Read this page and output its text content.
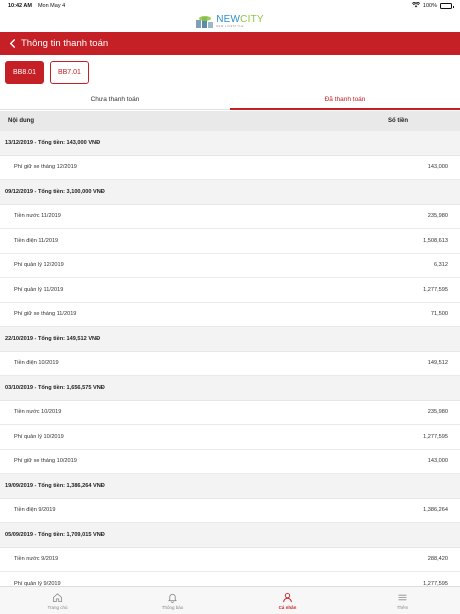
10:42 AM Mon May 4	100%
NEWCITY
NEW LIFESTYLE
Thông tin thanh toán
BB8.01	BB7.01
Chưa thanh toán	Đã thanh toán
Nội dung	Số tiền
13/12/2019 - Tổng tiền: 143,000 VNĐ
Phí giữ xe tháng 12/2019	143,000
09/12/2019 - Tổng tiền: 3,100,000 VNĐ
Tiền nước 11/2019	235,980
Tiền điện 11/2019	1,508,613
Phí quản lý 12/2019	6,312
Phí quản lý 11/2019	1,277,595
Phí giữ xe tháng 11/2019	71,500
22/10/2019 - Tổng tiền: 149,512 VNĐ
Tiền điện 10/2019	149,512
03/10/2019 - Tổng tiền: 1,656,575 VNĐ
Tiền nước 10/2019	235,980
Phí quản lý 10/2019	1,277,595
Phí giữ xe tháng 10/2019	143,000
19/09/2019 - Tổng tiền: 1,386,264 VNĐ
Tiền điện 9/2019	1,386,264
05/09/2019 - Tổng tiền: 1,709,015 VNĐ
Tiền nước 9/2019	288,420
Phí quản lý 9/2019	1,277,595
Trang chủ	Thông báo	Cá nhân	Thêm
